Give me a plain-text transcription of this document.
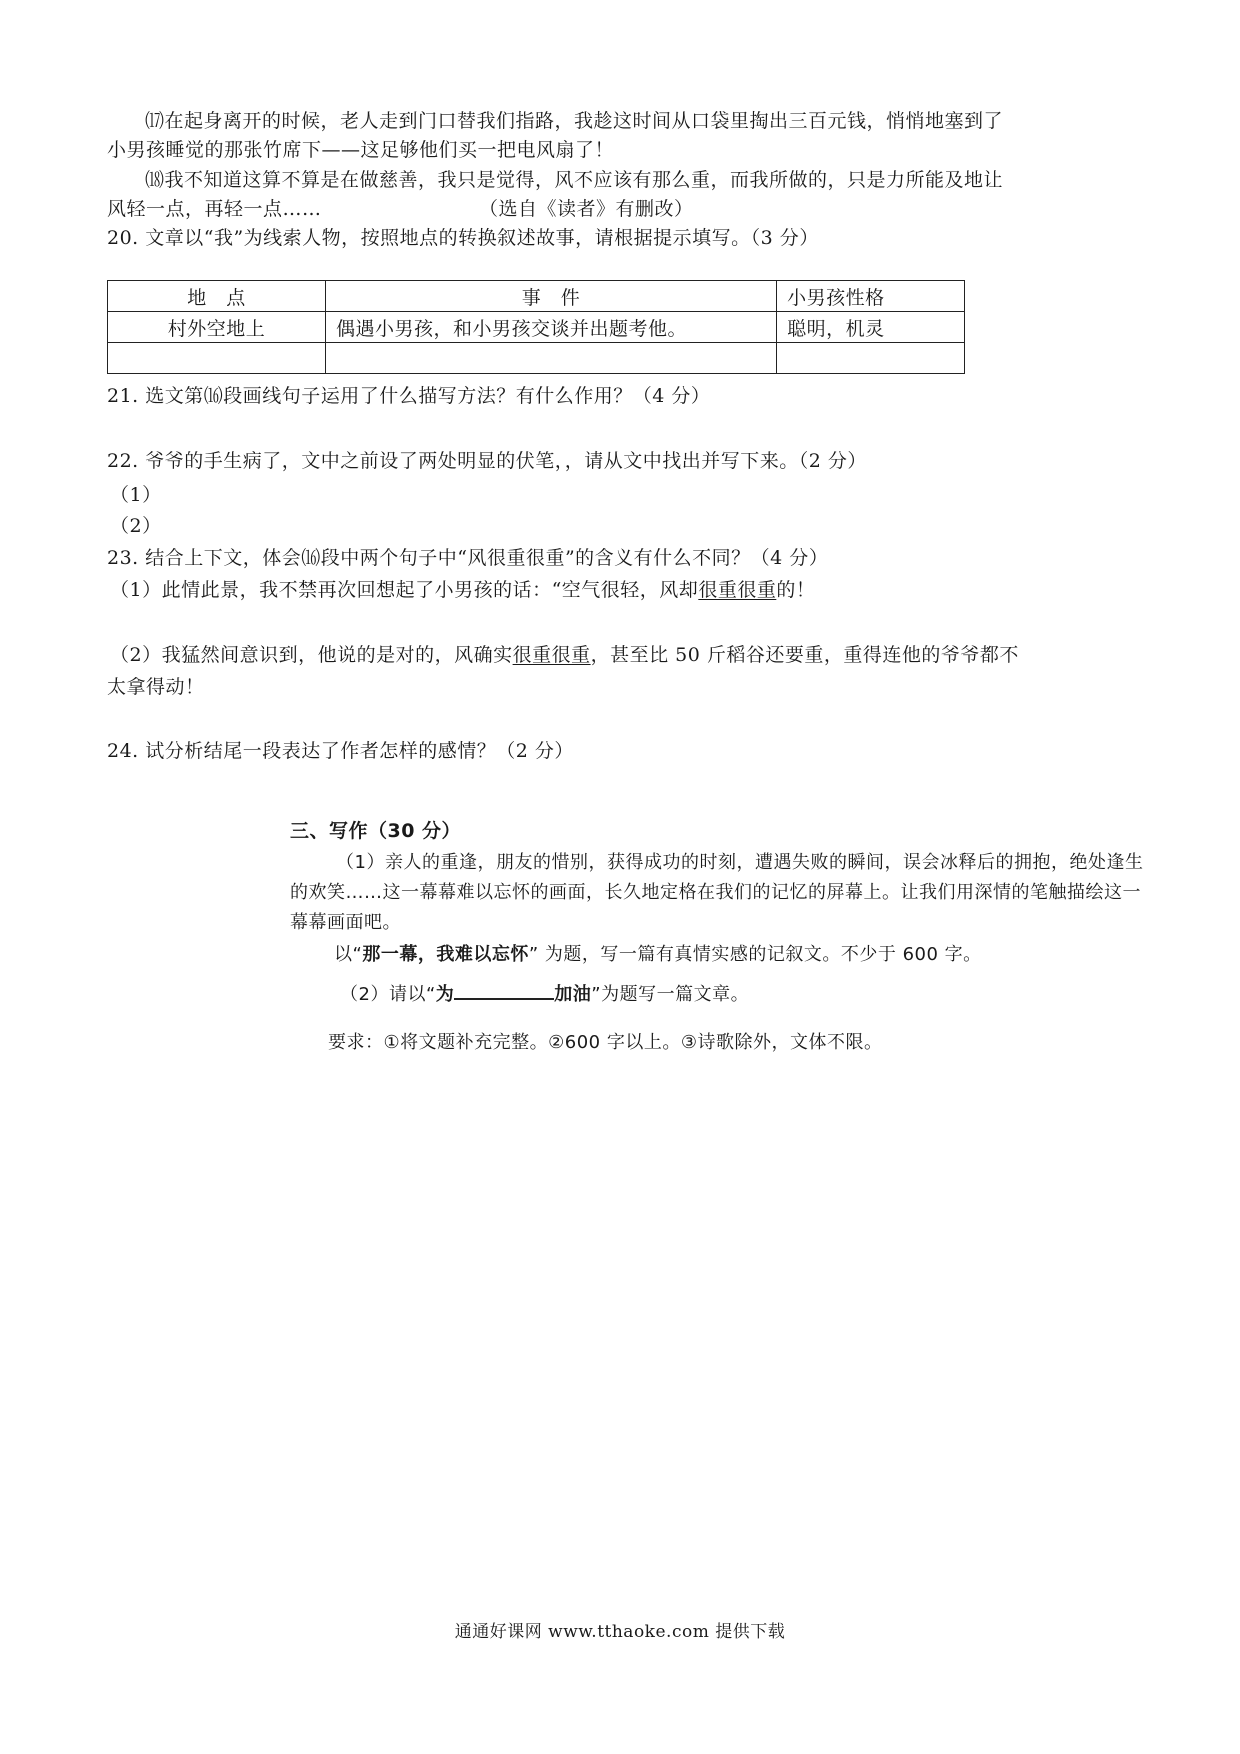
⒄在起身离开的时候，老人走到门口替我们指路，我趁这时间从口袋里掏出三百元钱，悄悄地塞到了
小男孩睡觉的那张竹席下——这足够他们买一把电风扇了！
⒅我不知道这算不算是在做慈善，我只是觉得，风不应该有那么重，而我所做的，只是力所能及地让
风轻一点，再轻一点……	（选自《读者》有删改）
20. 文章以“我”为线索人物，按照地点的转换叙述故事，请根据提示填写。（3 分）
地　点	事　件	小男孩性格
村外空地上	偶遇小男孩，和小男孩交谈并出题考他。	聪明，机灵

21. 选文第⒃段画线句子运用了什么描写方法？有什么作用？（4 分）
22. 爷爷的手生病了，文中之前设了两处明显的伏笔，，请从文中找出并写下来。（2 分）
（1）
（2）
23. 结合上下文，体会⒃段中两个句子中“风很重很重”的含义有什么不同？（4 分）
（1）此情此景，我不禁再次回想起了小男孩的话：“空气很轻，风却很重很重的！
（2）我猛然间意识到，他说的是对的，风确实很重很重，甚至比 50 斤稻谷还要重，重得连他的爷爷都不
太拿得动！
24. 试分析结尾一段表达了作者怎样的感情？（2 分）
三、写作（30 分）
（1）亲人的重逢，朋友的惜别，获得成功的时刻，遭遇失败的瞬间，误会冰释后的拥抱，绝处逢生
的欢笑……这一幕幕难以忘怀的画面，长久地定格在我们的记忆的屏幕上。让我们用深情的笔触描绘这一
幕幕画面吧。
以“那一幕，我难以忘怀” 为题，写一篇有真情实感的记叙文。不少于 600 字。
（2）请以“为	加油”为题写一篇文章。
要求：①将文题补充完整。②600 字以上。③诗歌除外，文体不限。
通通好课网 www.tthaoke.com 提供下载
